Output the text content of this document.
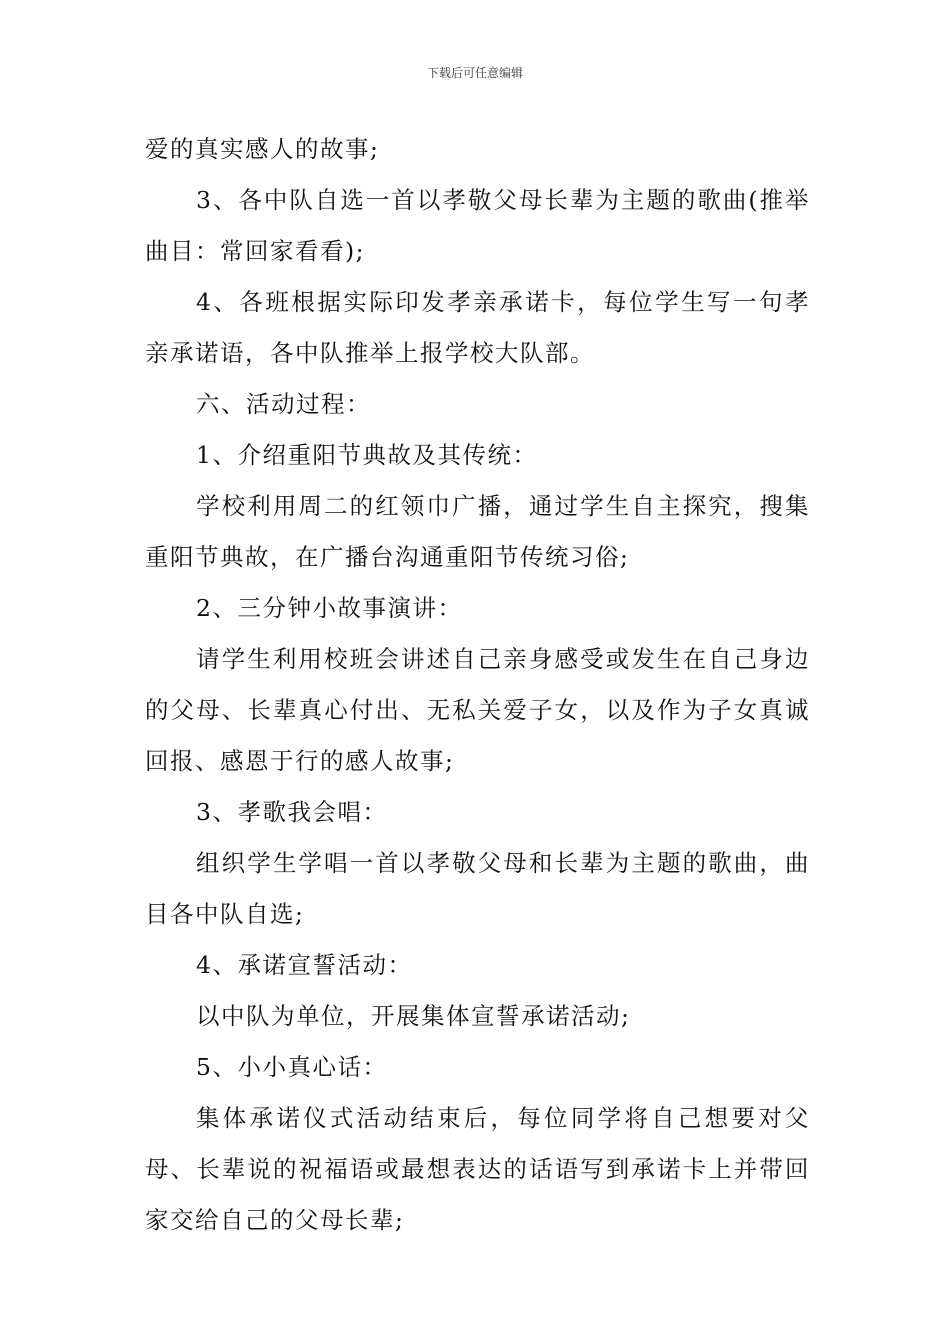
下载后可任意编辑

爱的真实感人的故事;

3、各中队自选一首以孝敬父母长辈为主题的歌曲(推举曲目：常回家看看);

4、各班根据实际印发孝亲承诺卡，每位学生写一句孝亲承诺语，各中队推举上报学校大队部。

六、活动过程：

1、介绍重阳节典故及其传统：

学校利用周二的红领巾广播，通过学生自主探究，搜集重阳节典故，在广播台沟通重阳节传统习俗;

2、三分钟小故事演讲：

请学生利用校班会讲述自己亲身感受或发生在自己身边的父母、长辈真心付出、无私关爱子女，以及作为子女真诚回报、感恩于行的感人故事;

3、孝歌我会唱：

组织学生学唱一首以孝敬父母和长辈为主题的歌曲，曲目各中队自选;

4、承诺宣誓活动：

以中队为单位，开展集体宣誓承诺活动;

5、小小真心话：

集体承诺仪式活动结束后，每位同学将自己想要对父母、长辈说的祝福语或最想表达的话语写到承诺卡上并带回家交给自己的父母长辈;
